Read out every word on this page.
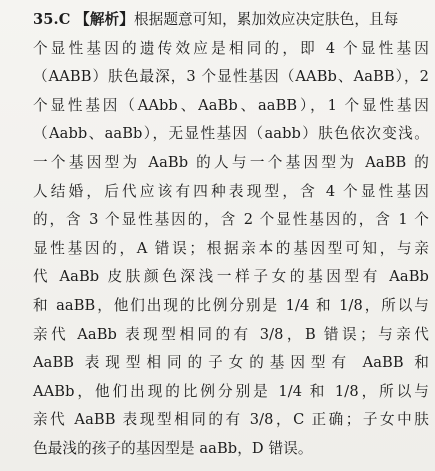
35.C 【解析】根据题意可知，累加效应决定肤色，且每
个显性基因的遗传效应是相同的，即 4 个显性基因
（AABB）肤色最深，3 个显性基因（AABb、AaBB），2
个显性基因（AAbb、AaBb、aaBB），1 个显性基因
（Aabb、aaBb），无显性基因（aabb）肤色依次变浅。
一个基因型为 AaBb 的人与一个基因型为 AaBB 的
人结婚，后代应该有四种表现型，含 4 个显性基因
的，含 3 个显性基因的，含 2 个显性基因的，含 1 个
显性基因的，A 错误；根据亲本的基因型可知，与亲
代 AaBb 皮肤颜色深浅一样子女的基因型有 AaBb
和 aaBB，他们出现的比例分别是 1/4 和 1/8，所以与
亲代 AaBb 表现型相同的有 3/8，B 错误；与亲代
AaBB 表现型相同的子女的基因型有 AaBB 和
AABb，他们出现的比例分别是 1/4 和 1/8，所以与
亲代 AaBB 表现型相同的有 3/8，C 正确；子女中肤
色最浅的孩子的基因型是 aaBb，D 错误。
